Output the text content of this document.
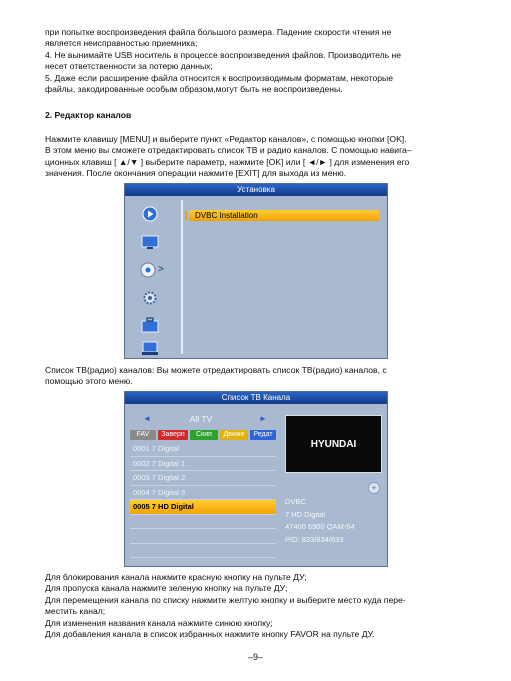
при попытке воспроизведения файла большого размера. Падение скорости чтения не
является неисправностью приемника;
4. Не вынимайте USB носитель в процессе воспроизведения файлов. Производитель не
несет ответственности за потерю данных;
5. Даже если расширение файла относится к воспроизводимым форматам, некоторые
файлы, закодированные особым образом,могут быть не воспроизведены.
2. Редактор каналов
Нажмите клавишу [MENU] и выберите пункт «Редактор каналов», с помощью кнопки [OK].
В этом меню вы сможете отредактировать список ТВ и радио каналов. С помощью навига–
ционных клавиш [ ▲/▼ ] выберите параметр, нажмите [OK] или [ ◄/► ] для изменения его
значения. После окончания операции нажмите [EXIT] для выхода из меню.
Установка
>
DVBC Installation
Список ТВ(радио) каналов: Вы можете отредактировать список ТВ(радио) каналов, с
помощью этого меню.
Список ТВ Канала
◄	All TV	►
FAV	Заверп	Скип	Движе	Редат
0001 7 Digital
0002 7 Digital 1
0003 7 Digital 2
0004 7 Digital 3
0005 7 HD Digital
HYUNDAI
+
DVBC
7 HD Digital
47400 6900 QAM-64
PID: 833/834/833
Для блокирования канала нажмите красную кнопку на пульте ДУ;
Для пропуска канала нажмите зеленую кнопку на пульте ДУ;
Для перемещения канала по списку нажмите желтую кнопку и выберите место куда пере-
местить канал;
Для изменения названия канала нажмите синюю кнопку;
Для добавления канала в список избранных нажмите кнопку FAVOR на пульте ДУ.
–9–
